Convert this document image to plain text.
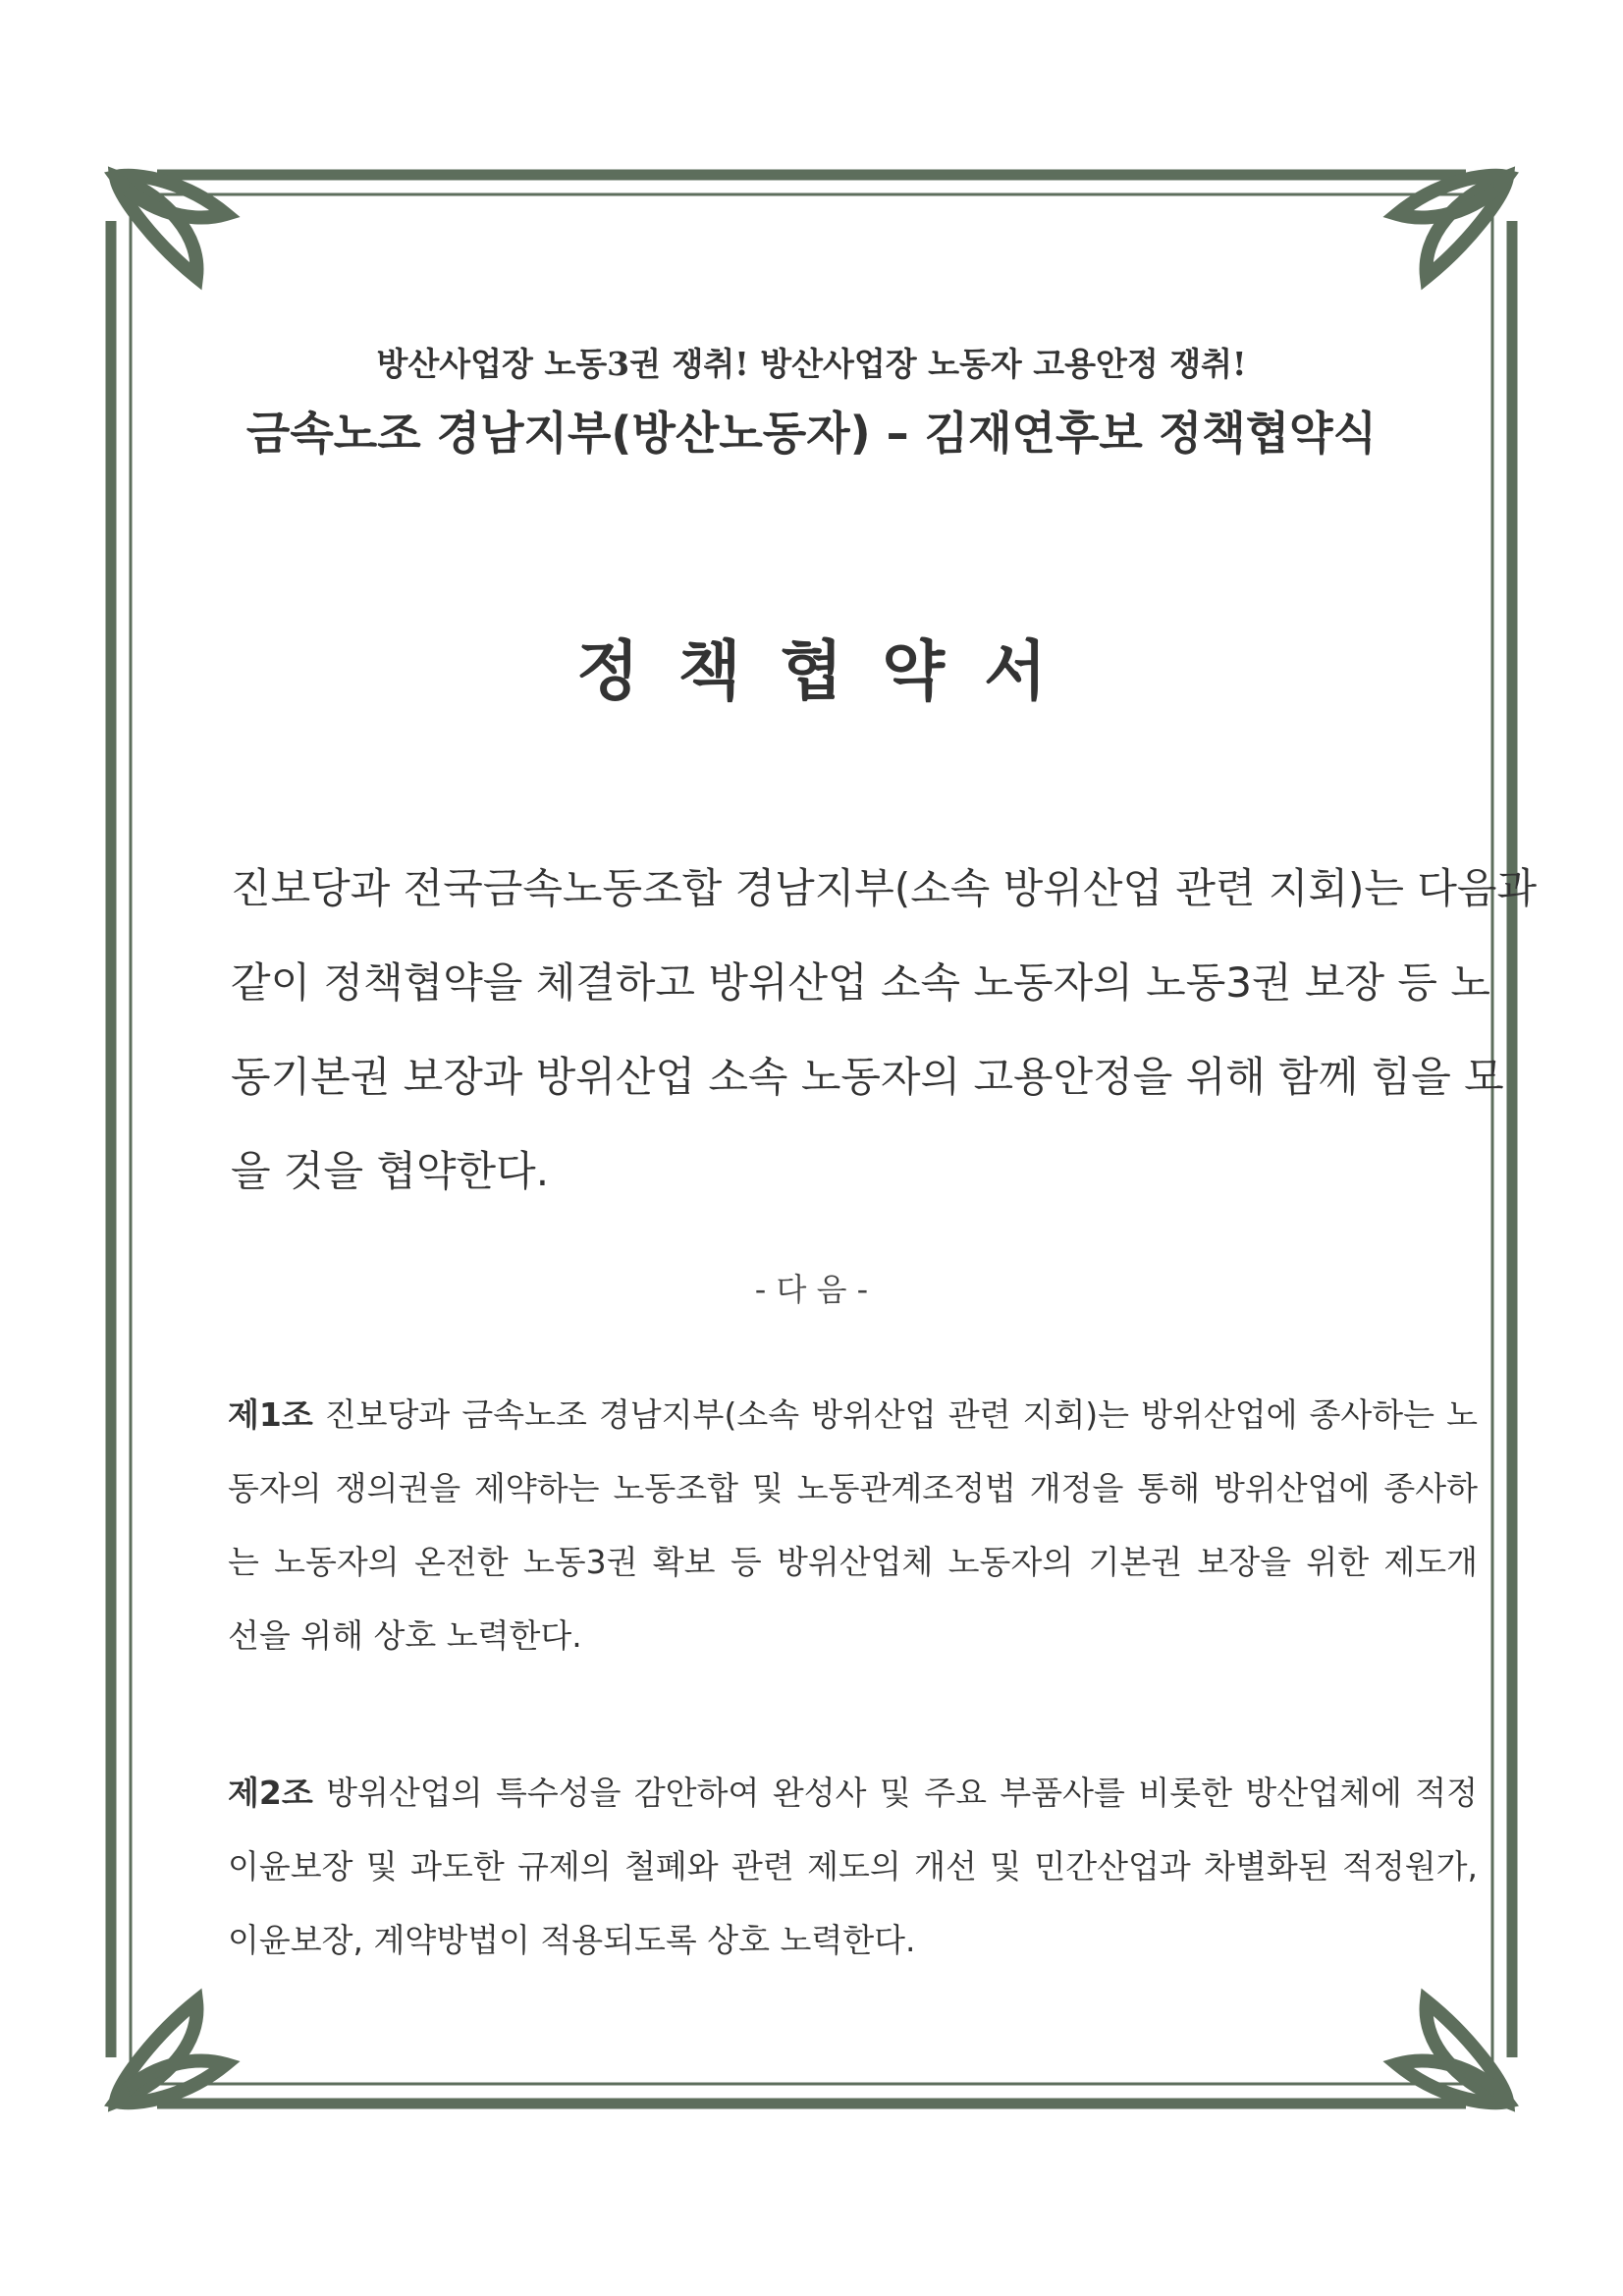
방산사업장 노동3권 쟁취! 방산사업장 노동자 고용안정 쟁취!
금속노조 경남지부(방산노동자) – 김재연후보 정책협약식
정책협약서
진보당과 전국금속노동조합 경남지부(소속 방위산업 관련 지회)는 다음과
같이 정책협약을 체결하고 방위산업 소속 노동자의 노동3권 보장 등 노
동기본권 보장과 방위산업 소속 노동자의 고용안정을 위해 함께 힘을 모
을 것을 협약한다.
- 다 음 -
제1조 진보당과 금속노조 경남지부(소속 방위산업 관련 지회)는 방위산업에 종사하는 노
동자의 쟁의권을 제약하는 노동조합 및 노동관계조정법 개정을 통해 방위산업에 종사하
는 노동자의 온전한 노동3권 확보 등 방위산업체 노동자의 기본권 보장을 위한 제도개
선을 위해 상호 노력한다.
제2조 방위산업의 특수성을 감안하여 완성사 및 주요 부품사를 비롯한 방산업체에 적정
이윤보장 및 과도한 규제의 철폐와 관련 제도의 개선 및 민간산업과 차별화된 적정원가,
이윤보장, 계약방법이 적용되도록 상호 노력한다.
